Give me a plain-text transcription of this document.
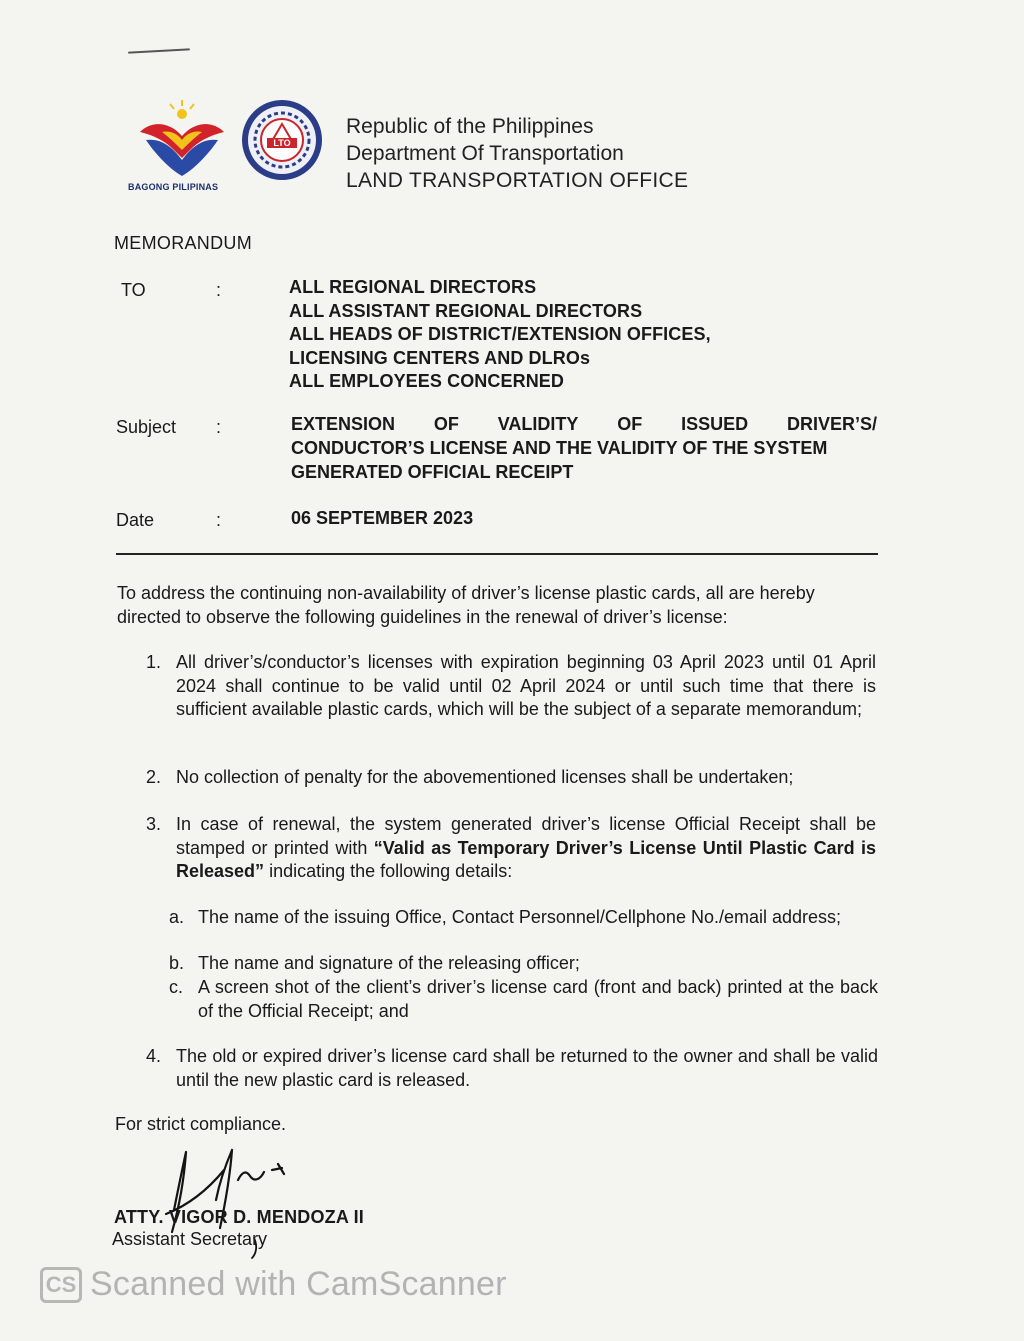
BAGONG PILIPINAS
LTO
Republic of the Philippines
Department Of Transportation
LAND TRANSPORTATION OFFICE
MEMORANDUM
TO	:	ALL REGIONAL DIRECTORS
ALL ASSISTANT REGIONAL DIRECTORS
ALL HEADS OF DISTRICT/EXTENSION OFFICES,
LICENSING CENTERS AND DLROs
ALL EMPLOYEES CONCERNED
Subject :	EXTENSION OF VALIDITY OF ISSUED DRIVER’S/
CONDUCTOR’S LICENSE AND THE VALIDITY OF THE SYSTEM
GENERATED OFFICIAL RECEIPT
Date	:	06 SEPTEMBER 2023
To address the continuing non-availability of driver’s license plastic cards, all are hereby directed to observe the following guidelines in the renewal of driver’s license:
1. All driver’s/conductor’s licenses with expiration beginning 03 April 2023 until 01 April 2024 shall continue to be valid until 02 April 2024 or until such time that there is sufficient available plastic cards, which will be the subject of a separate memorandum;
2. No collection of penalty for the abovementioned licenses shall be undertaken;
3. In case of renewal, the system generated driver’s license Official Receipt shall be stamped or printed with “Valid as Temporary Driver’s License Until Plastic Card is Released” indicating the following details:
a. The name of the issuing Office, Contact Personnel/Cellphone No./email address;
b. The name and signature of the releasing officer;
c. A screen shot of the client’s driver’s license card (front and back) printed at the back of the Official Receipt; and
4. The old or expired driver’s license card shall be returned to the owner and shall be valid until the new plastic card is released.
For strict compliance.
ATTY. VIGOR D. MENDOZA II
Assistant Secretary
CS Scanned with CamScanner
